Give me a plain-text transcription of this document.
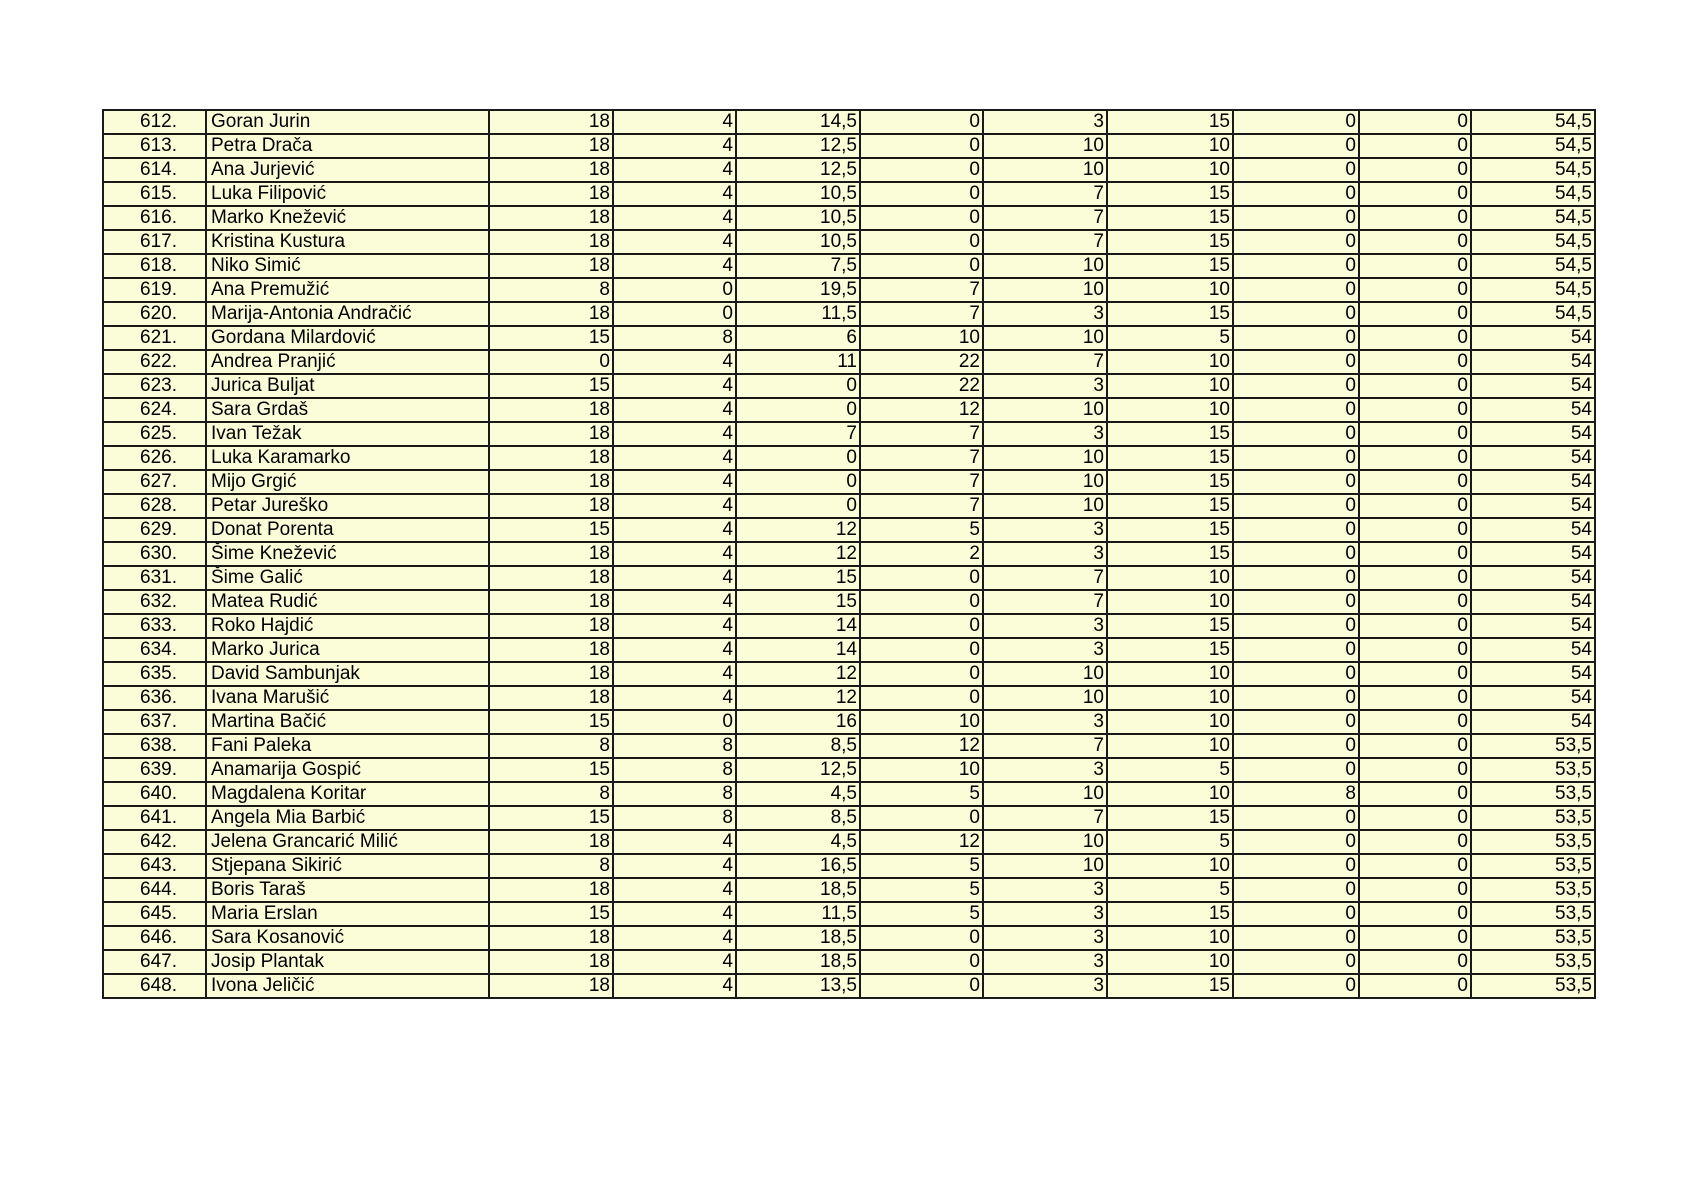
612.	Goran Jurin	18	4	14,5	0	3	15	0	0	54,5
613.	Petra Drača	18	4	12,5	0	10	10	0	0	54,5
614.	Ana Jurjević	18	4	12,5	0	10	10	0	0	54,5
615.	Luka Filipović	18	4	10,5	0	7	15	0	0	54,5
616.	Marko Knežević	18	4	10,5	0	7	15	0	0	54,5
617.	Kristina Kustura	18	4	10,5	0	7	15	0	0	54,5
618.	Niko Simić	18	4	7,5	0	10	15	0	0	54,5
619.	Ana Premužić	8	0	19,5	7	10	10	0	0	54,5
620.	Marija-Antonia Andračić	18	0	11,5	7	3	15	0	0	54,5
621.	Gordana Milardović	15	8	6	10	10	5	0	0	54
622.	Andrea Pranjić	0	4	11	22	7	10	0	0	54
623.	Jurica Buljat	15	4	0	22	3	10	0	0	54
624.	Sara Grdaš	18	4	0	12	10	10	0	0	54
625.	Ivan Težak	18	4	7	7	3	15	0	0	54
626.	Luka Karamarko	18	4	0	7	10	15	0	0	54
627.	Mijo Grgić	18	4	0	7	10	15	0	0	54
628.	Petar Jureško	18	4	0	7	10	15	0	0	54
629.	Donat Porenta	15	4	12	5	3	15	0	0	54
630.	Šime Knežević	18	4	12	2	3	15	0	0	54
631.	Šime Galić	18	4	15	0	7	10	0	0	54
632.	Matea Rudić	18	4	15	0	7	10	0	0	54
633.	Roko Hajdić	18	4	14	0	3	15	0	0	54
634.	Marko Jurica	18	4	14	0	3	15	0	0	54
635.	David Sambunjak	18	4	12	0	10	10	0	0	54
636.	Ivana Marušić	18	4	12	0	10	10	0	0	54
637.	Martina Bačić	15	0	16	10	3	10	0	0	54
638.	Fani Paleka	8	8	8,5	12	7	10	0	0	53,5
639.	Anamarija Gospić	15	8	12,5	10	3	5	0	0	53,5
640.	Magdalena Koritar	8	8	4,5	5	10	10	8	0	53,5
641.	Angela Mia Barbić	15	8	8,5	0	7	15	0	0	53,5
642.	Jelena Grancarić Milić	18	4	4,5	12	10	5	0	0	53,5
643.	Stjepana Sikirić	8	4	16,5	5	10	10	0	0	53,5
644.	Boris Taraš	18	4	18,5	5	3	5	0	0	53,5
645.	Maria Erslan	15	4	11,5	5	3	15	0	0	53,5
646.	Sara Kosanović	18	4	18,5	0	3	10	0	0	53,5
647.	Josip Plantak	18	4	18,5	0	3	10	0	0	53,5
648.	Ivona Jeličić	18	4	13,5	0	3	15	0	0	53,5
